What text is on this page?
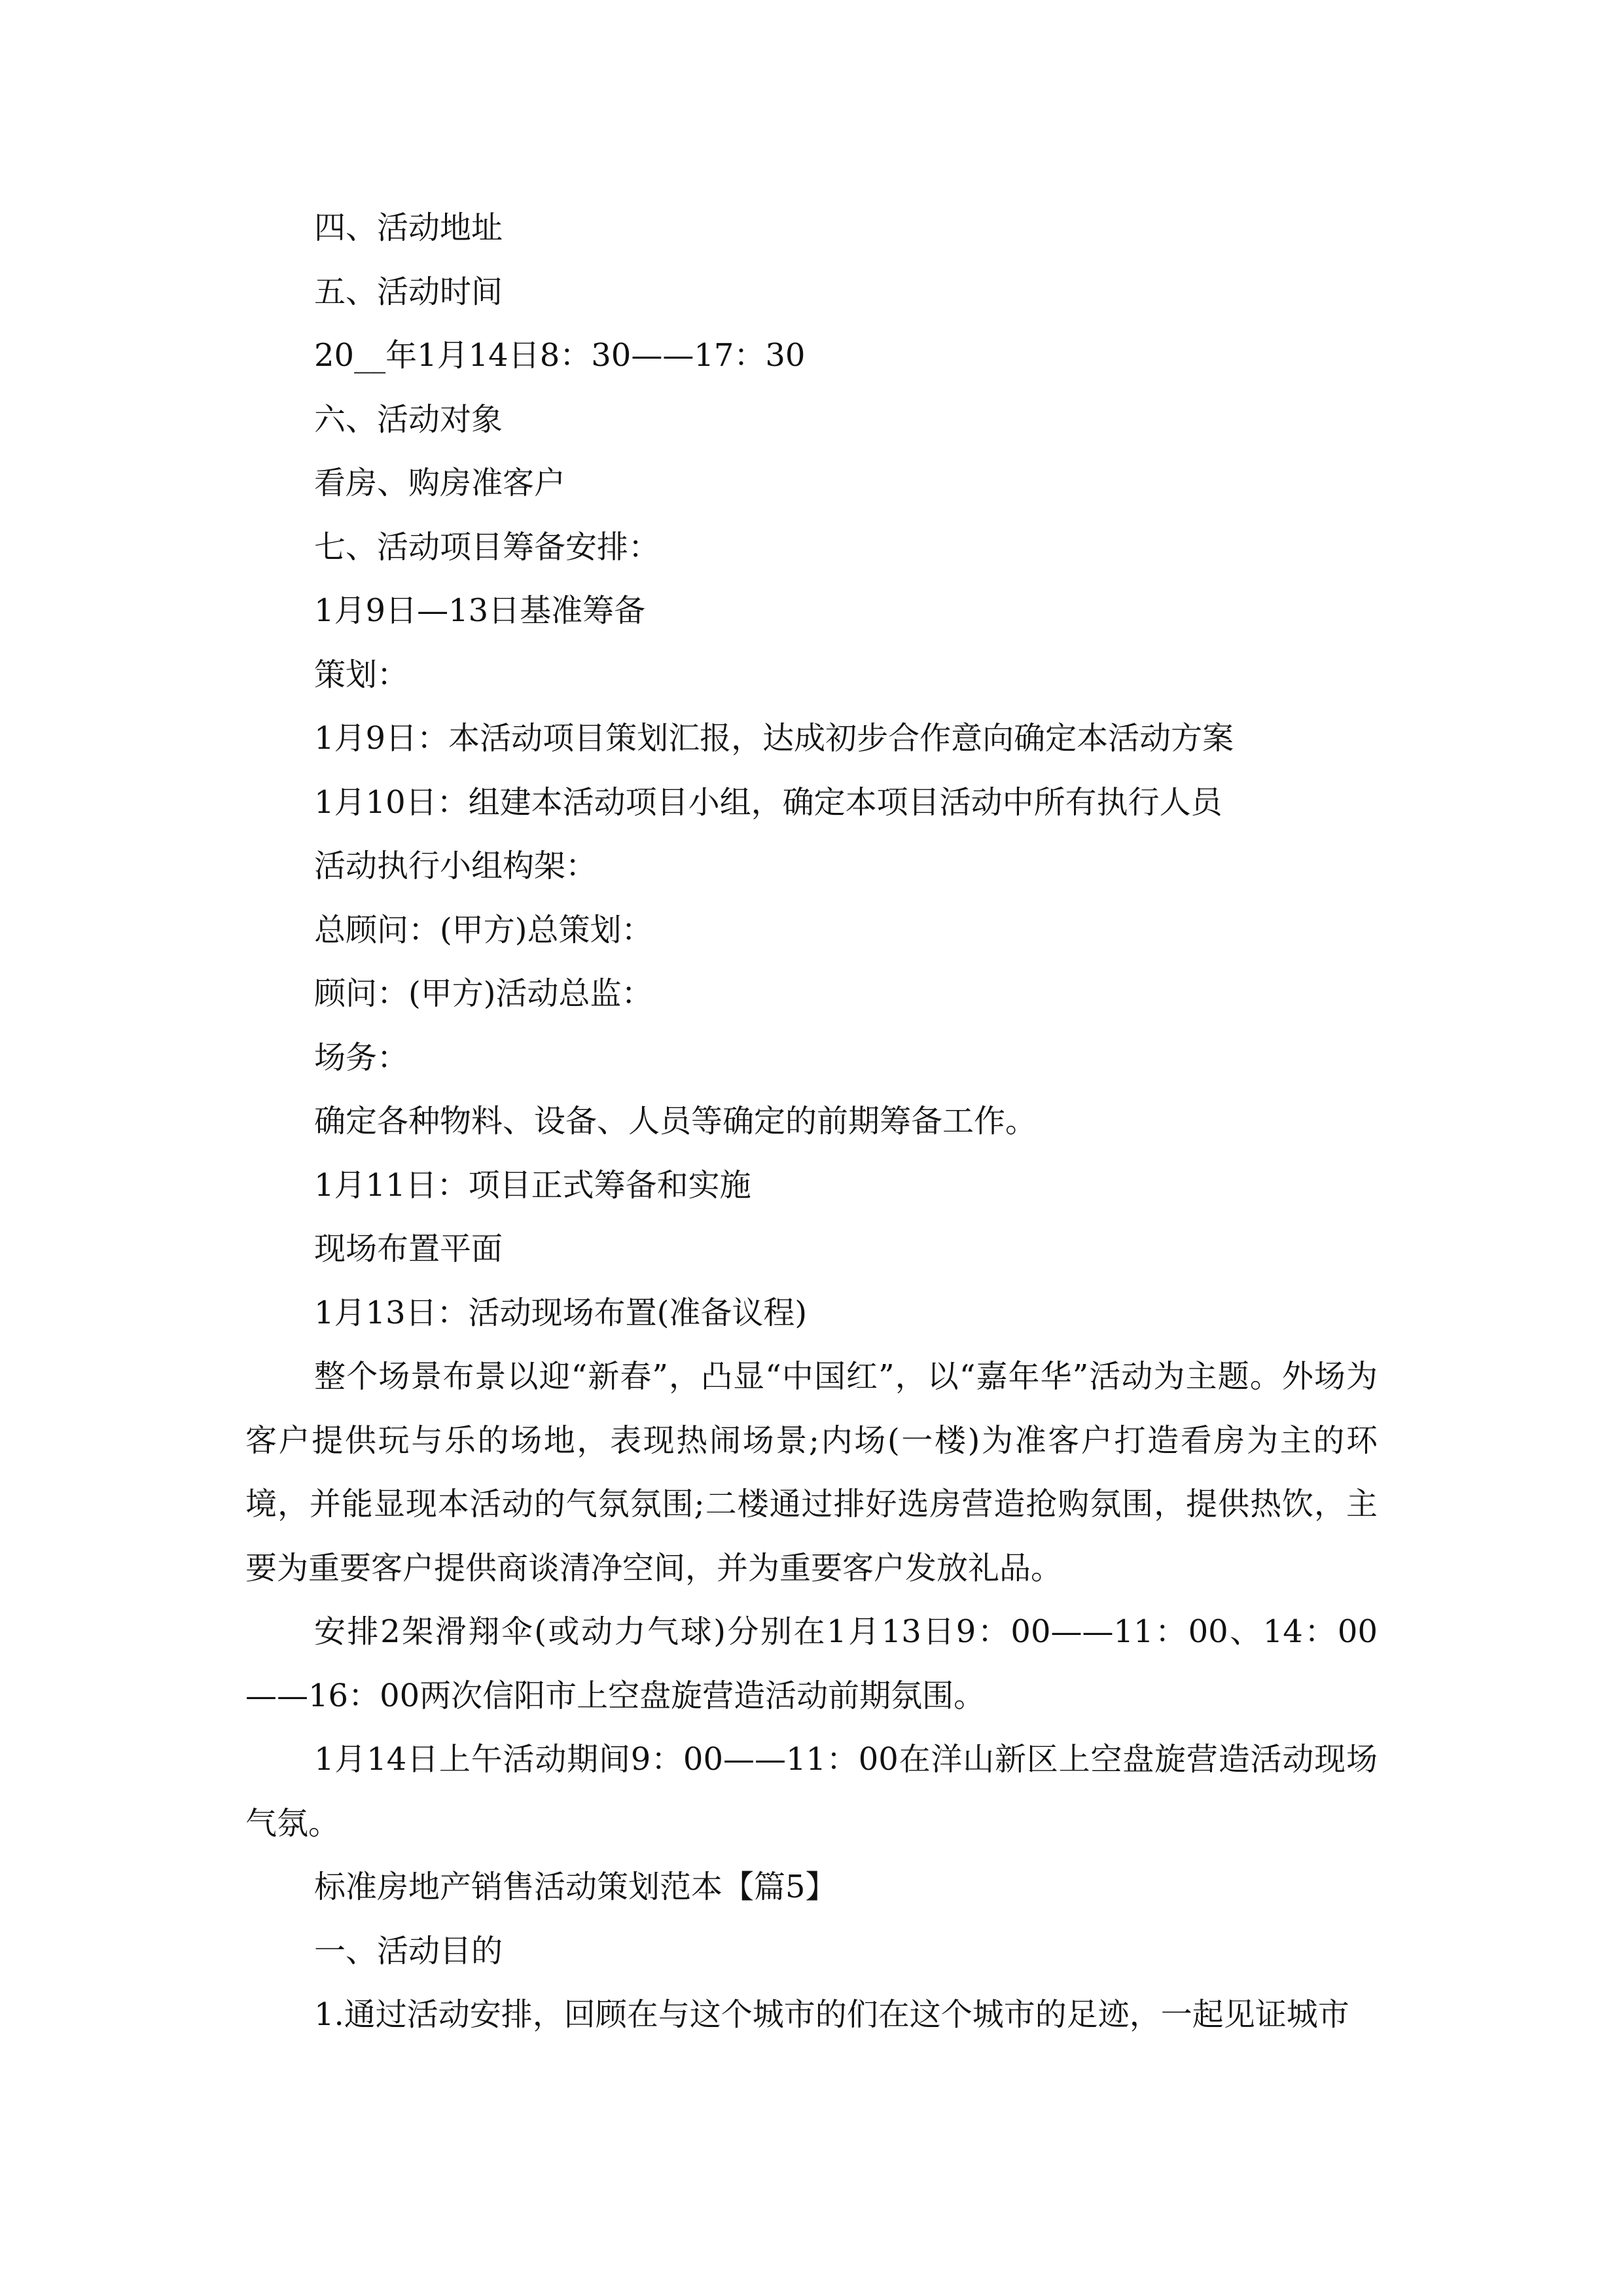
四、活动地址

五、活动时间

20__年1月14日8：30——17：30

六、活动对象

看房、购房准客户

七、活动项目筹备安排：

1月9日—13日基准筹备

策划：

1月9日：本活动项目策划汇报，达成初步合作意向确定本活动方案

1月10日：组建本活动项目小组，确定本项目活动中所有执行人员

活动执行小组构架：

总顾问：(甲方)总策划：

顾问：(甲方)活动总监：

场务：

确定各种物料、设备、人员等确定的前期筹备工作。

1月11日：项目正式筹备和实施

现场布置平面

1月13日：活动现场布置(准备议程)

整个场景布景以迎“新春”，凸显“中国红”，以“嘉年华”活动为主题。外场为客户提供玩与乐的场地，表现热闹场景;内场(一楼)为准客户打造看房为主的环境，并能显现本活动的气氛氛围;二楼通过排好选房营造抢购氛围，提供热饮，主要为重要客户提供商谈清净空间，并为重要客户发放礼品。

安排2架滑翔伞(或动力气球)分别在1月13日9：00——11：00、14：00——16：00两次信阳市上空盘旋营造活动前期氛围。

1月14日上午活动期间9：00——11：00在洋山新区上空盘旋营造活动现场气氛。

标准房地产销售活动策划范本【篇5】

一、活动目的

1.通过活动安排，回顾在与这个城市的们在这个城市的足迹，一起见证城市
